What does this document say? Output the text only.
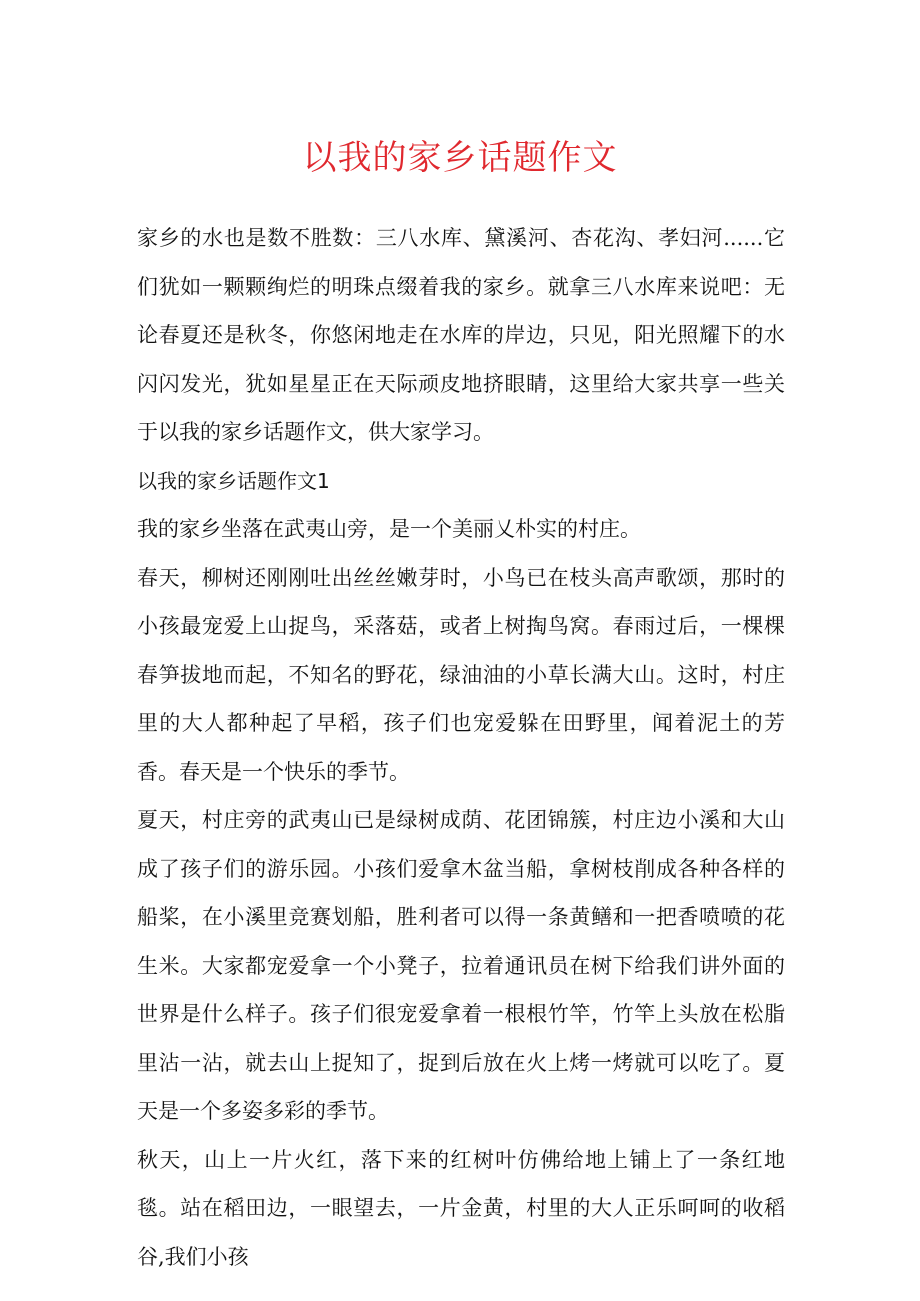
以我的家乡话题作文

家乡的水也是数不胜数：三八水库、黛溪河、杏花沟、孝妇河......它们犹如一颗颗绚烂的明珠点缀着我的家乡。就拿三八水库来说吧：无论春夏还是秋冬，你悠闲地走在水库的岸边，只见，阳光照耀下的水闪闪发光，犹如星星正在天际顽皮地挤眼睛，这里给大家共享一些关于以我的家乡话题作文，供大家学习。

以我的家乡话题作文1

我的家乡坐落在武夷山旁，是一个美丽乂朴实的村庄。

春天，柳树还刚刚吐出丝丝嫩芽时，小鸟已在枝头高声歌颂，那时的小孩最宠爱上山捉鸟，采落菇，或者上树掏鸟窝。春雨过后，一棵棵春笋拔地而起，不知名的野花，绿油油的小草长满大山。这时，村庄里的大人都种起了早稻，孩子们也宠爱躲在田野里，闻着泥土的芳香。春天是一个快乐的季节。

夏天，村庄旁的武夷山已是绿树成荫、花团锦簇，村庄边小溪和大山成了孩子们的游乐园。小孩们爱拿木盆当船，拿树枝削成各种各样的船桨，在小溪里竞赛划船，胜利者可以得一条黄鳝和一把香喷喷的花生米。大家都宠爱拿一个小凳子，拉着通讯员在树下给我们讲外面的世界是什么样子。孩子们很宠爱拿着一根根竹竿，竹竿上头放在松脂里沾一沾，就去山上捉知了，捉到后放在火上烤一烤就可以吃了。夏天是一个多姿多彩的季节。

秋天，山上一片火红，落下来的红树叶仿佛给地上铺上了一条红地毯。站在稻田边，一眼望去，一片金黄，村里的大人正乐呵呵的收稻谷,我们小孩
